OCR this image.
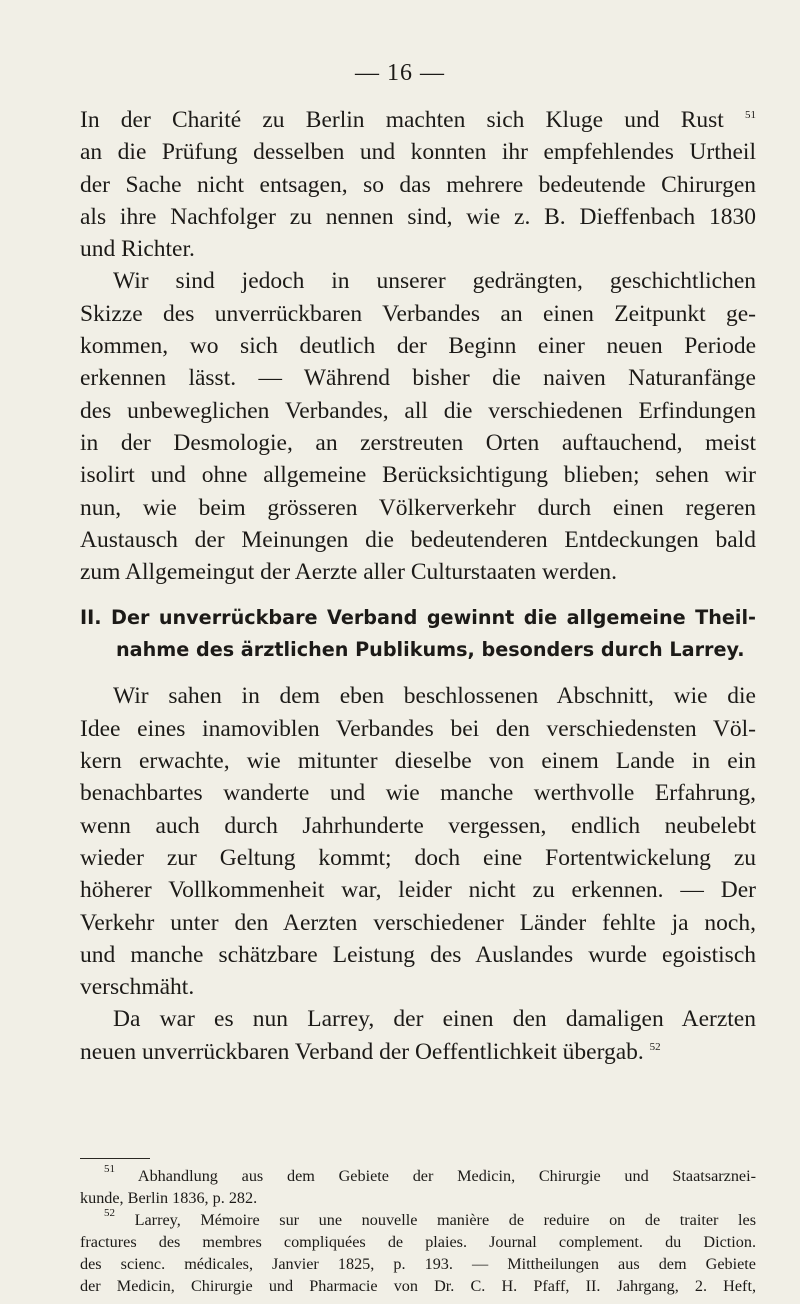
— 16 —
In der Charité zu Berlin machten sich Kluge und Rust $^{51}$
an die Prüfung desselben und konnten ihr empfehlendes Urtheil
der Sache nicht entsagen, so das mehrere bedeutende Chirurgen
als ihre Nachfolger zu nennen sind, wie z. B. Dieffenbach 1830
und Richter.
Wir sind jedoch in unserer gedrängten, geschichtlichen
Skizze des unverrückbaren Verbandes an einen Zeitpunkt ge-
kommen, wo sich deutlich der Beginn einer neuen Periode
erkennen lässt. — Während bisher die naiven Naturanfänge
des unbeweglichen Verbandes, all die verschiedenen Erfindungen
in der Desmologie, an zerstreuten Orten auftauchend, meist
isolirt und ohne allgemeine Berücksichtigung blieben; sehen wir
nun, wie beim grösseren Völkerverkehr durch einen regeren
Austausch der Meinungen die bedeutenderen Entdeckungen bald
zum Allgemeingut der Aerzte aller Culturstaaten werden.
II. Der unverrückbare Verband gewinnt die allgemeine Theil-
nahme des ärztlichen Publikums, besonders durch Larrey.
Wir sahen in dem eben beschlossenen Abschnitt, wie die
Idee eines inamoviblen Verbandes bei den verschiedensten Völ-
kern erwachte, wie mitunter dieselbe von einem Lande in ein
benachbartes wanderte und wie manche werthvolle Erfahrung,
wenn auch durch Jahrhunderte vergessen, endlich neubelebt
wieder zur Geltung kommt; doch eine Fortentwickelung zu
höherer Vollkommenheit war, leider nicht zu erkennen. — Der
Verkehr unter den Aerzten verschiedener Länder fehlte ja noch,
und manche schätzbare Leistung des Auslandes wurde egoistisch
verschmäht.
Da war es nun Larrey, der einen den damaligen Aerzten
neuen unverrückbaren Verband der Oeffentlichkeit übergab. $^{52}$
$^{51}$ Abhandlung aus dem Gebiete der Medicin, Chirurgie und Staatsarznei-
kunde, Berlin 1836, p. 282.
$^{52}$ Larrey, Mémoire sur une nouvelle manière de reduire on de traiter les
fractures des membres compliquées de plaies. Journal complement. du Diction.
des scienc. médicales, Janvier 1825, p. 193. — Mittheilungen aus dem Gebiete
der Medicin, Chirurgie und Pharmacie von Dr. C. H. Pfaff, II. Jahrgang, 2. Heft,
